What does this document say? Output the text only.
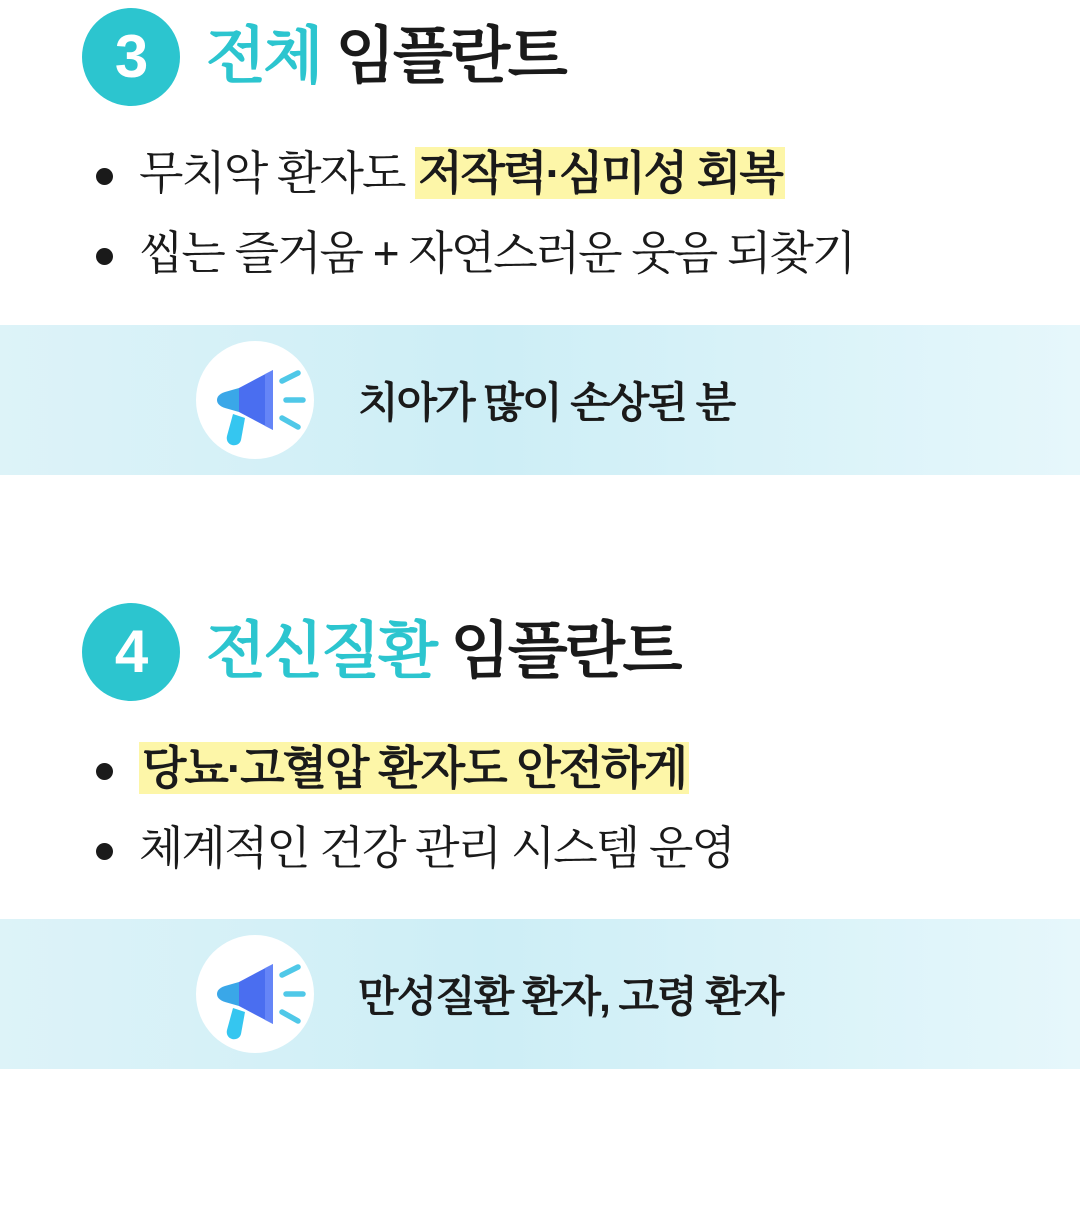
3 전체 임플란트
무치악 환자도 저작력·심미성 회복
씹는 즐거움 + 자연스러운 웃음 되찾기
치아가 많이 손상된 분
4 전신질환 임플란트
당뇨·고혈압 환자도 안전하게
체계적인 건강 관리 시스템 운영
만성질환 환자, 고령 환자
